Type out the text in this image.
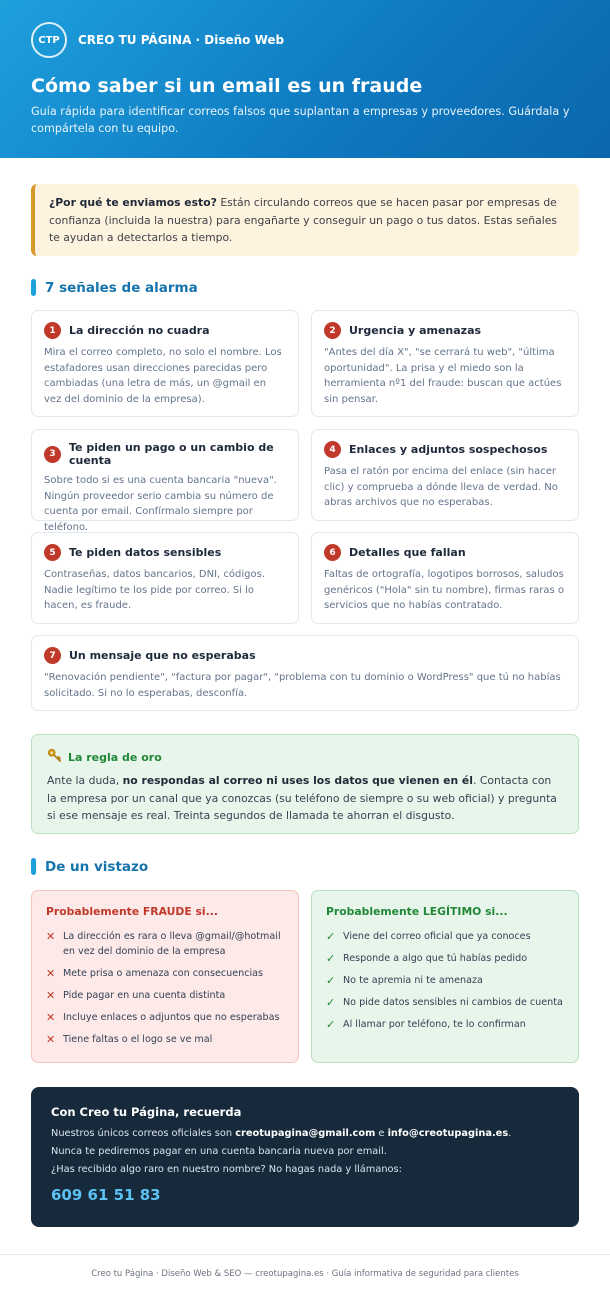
CTP	CREO TU PÁGINA · Diseño Web
Cómo saber si un email es un fraude
Guía rápida para identificar correos falsos que suplantan a empresas y proveedores. Guárdala y compártela con tu equipo.
¿Por qué te enviamos esto? Están circulando correos que se hacen pasar por empresas de confianza (incluida la nuestra) para engañarte y conseguir un pago o tus datos. Estas señales te ayudan a detectarlos a tiempo.
7 señales de alarma
1	La dirección no cuadra
Mira el correo completo, no solo el nombre. Los estafadores usan direcciones parecidas pero cambiadas (una letra de más, un @gmail en vez del dominio de la empresa).
2	Urgencia y amenazas
"Antes del día X", "se cerrará tu web", "última oportunidad". La prisa y el miedo son la herramienta nº1 del fraude: buscan que actúes sin pensar.
3	Te piden un pago o un cambio de cuenta
Sobre todo si es una cuenta bancaria "nueva". Ningún proveedor serio cambia su número de cuenta por email. Confírmalo siempre por teléfono.
4	Enlaces y adjuntos sospechosos
Pasa el ratón por encima del enlace (sin hacer clic) y comprueba a dónde lleva de verdad. No abras archivos que no esperabas.
5	Te piden datos sensibles
Contraseñas, datos bancarios, DNI, códigos. Nadie legítimo te los pide por correo. Si lo hacen, es fraude.
6	Detalles que fallan
Faltas de ortografía, logotipos borrosos, saludos genéricos ("Hola" sin tu nombre), firmas raras o servicios que no habías contratado.
7	Un mensaje que no esperabas
"Renovación pendiente", "factura por pagar", "problema con tu dominio o WordPress" que tú no habías solicitado. Si no lo esperabas, desconfía.
La regla de oro
Ante la duda, no respondas al correo ni uses los datos que vienen en él. Contacta con la empresa por un canal que ya conozcas (su teléfono de siempre o su web oficial) y pregunta si ese mensaje es real. Treinta segundos de llamada te ahorran el disgusto.
De un vistazo
Probablemente FRAUDE si...
✕ La dirección es rara o lleva @gmail/@hotmail en vez del dominio de la empresa
✕ Mete prisa o amenaza con consecuencias
✕ Pide pagar en una cuenta distinta
✕ Incluye enlaces o adjuntos que no esperabas
✕ Tiene faltas o el logo se ve mal
Probablemente LEGÍTIMO si...
✓ Viene del correo oficial que ya conoces
✓ Responde a algo que tú habías pedido
✓ No te apremia ni te amenaza
✓ No pide datos sensibles ni cambios de cuenta
✓ Al llamar por teléfono, te lo confirman
Con Creo tu Página, recuerda
Nuestros únicos correos oficiales son creotupagina@gmail.com e info@creotupagina.es.
Nunca te pediremos pagar en una cuenta bancaria nueva por email.
¿Has recibido algo raro en nuestro nombre? No hagas nada y llámanos:
609 61 51 83
Creo tu Página · Diseño Web & SEO — creotupagina.es · Guía informativa de seguridad para clientes
